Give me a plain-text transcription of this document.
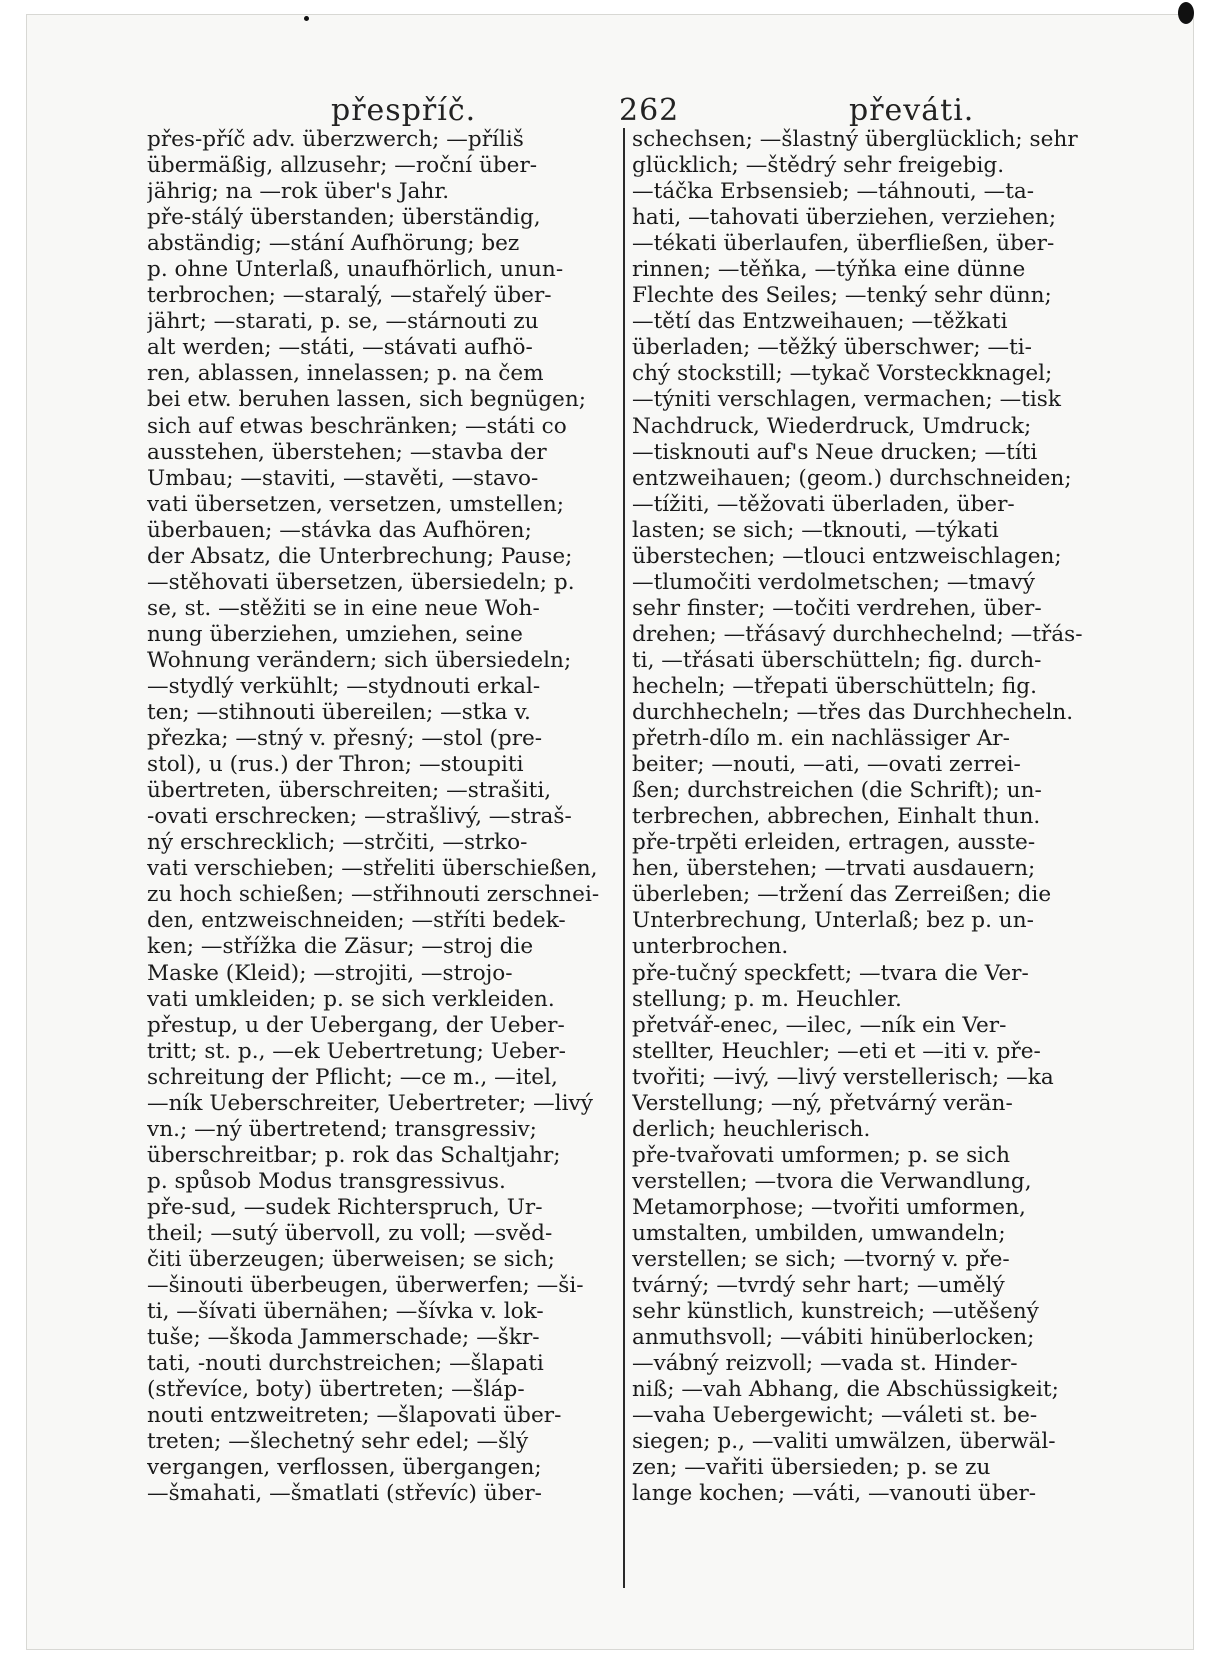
přespříč.	262	převáti.
přes-příč adv. überzwerch; —příliš
übermäßig, allzusehr; —roční über-
jährig; na —rok über's Jahr.
pře-stálý überstanden; überständig,
abständig; —stání Aufhörung; bez
p. ohne Unterlaß, unaufhörlich, unun-
terbrochen; —staralý, —stařelý über-
jährt; —starati, p. se, —stárnouti zu
alt werden; —státi, —stávati aufhö-
ren, ablassen, innelassen; p. na čem
bei etw. beruhen lassen, sich begnügen;
sich auf etwas beschränken; —státi co
ausstehen, überstehen; —stavba der
Umbau; —staviti, —stavěti, —stavo-
vati übersetzen, versetzen, umstellen;
überbauen; —stávka das Aufhören;
der Absatz, die Unterbrechung; Pause;
—stěhovati übersetzen, übersiedeln; p.
se, st. —stěžiti se in eine neue Woh-
nung überziehen, umziehen, seine
Wohnung verändern; sich übersiedeln;
—stydlý verkühlt; —stydnouti erkal-
ten; —stihnouti übereilen; —stka v.
přezka; —stný v. přesný; —stol (pre-
stol), u (rus.) der Thron; —stoupiti
übertreten, überschreiten; —strašiti,
-ovati erschrecken; —strašlivý, —straš-
ný erschrecklich; —strčiti, —strko-
vati verschieben; —střeliti überschießen,
zu hoch schießen; —střihnouti zerschnei-
den, entzweischneiden; —stříti bedek-
ken; —střížka die Zäsur; —stroj die
Maske (Kleid); —strojiti, —strojo-
vati umkleiden; p. se sich verkleiden.
přestup, u der Uebergang, der Ueber-
tritt; st. p., —ek Uebertretung; Ueber-
schreitung der Pflicht; —ce m., —itel,
—ník Ueberschreiter, Uebertreter; —livý
vn.; —ný übertretend; transgressiv;
überschreitbar; p. rok das Schaltjahr;
p. spůsob Modus transgressivus.
pře-sud, —sudek Richterspruch, Ur-
theil; —sutý übervoll, zu voll; —svěd-
čiti überzeugen; überweisen; se sich;
—šinouti überbeugen, überwerfen; —ši-
ti, —šívati übernähen; —šívka v. lok-
tuše; —škoda Jammerschade; —škr-
tati, -nouti durchstreichen; —šlapati
(střevíce, boty) übertreten; —šláp-
nouti entzweitreten; —šlapovati über-
treten; —šlechetný sehr edel; —šlý
vergangen, verflossen, übergangen;
—šmahati, —šmatlati (střevíc) über-
schechsen; —šlastný überglücklich; sehr
glücklich; —štědrý sehr freigebig.
—táčka Erbsensieb; —táhnouti, —ta-
hati, —tahovati überziehen, verziehen;
—tékati überlaufen, überfließen, über-
rinnen; —těňka, —týňka eine dünne
Flechte des Seiles; —tenký sehr dünn;
—tětí das Entzweihauen; —těžkati
überladen; —těžký überschwer; —ti-
chý stockstill; —tykač Vorsteckknagel;
—týniti verschlagen, vermachen; —tisk
Nachdruck, Wiederdruck, Umdruck;
—tisknouti auf's Neue drucken; —títi
entzweihauen; (geom.) durchschneiden;
—tížiti, —těžovati überladen, über-
lasten; se sich; —tknouti, —týkati
überstechen; —tlouci entzweischlagen;
—tlumočiti verdolmetschen; —tmavý
sehr finster; —točiti verdrehen, über-
drehen; —třásavý durchhechelnd; —třás-
ti, —třásati überschütteln; fig. durch-
hecheln; —třepati überschütteln; fig.
durchhecheln; —třes das Durchhecheln.
přetrh-dílo m. ein nachlässiger Ar-
beiter; —nouti, —ati, —ovati zerrei-
ßen; durchstreichen (die Schrift); un-
terbrechen, abbrechen, Einhalt thun.
pře-trpěti erleiden, ertragen, ausste-
hen, überstehen; —trvati ausdauern;
überleben; —tržení das Zerreißen; die
Unterbrechung, Unterlaß; bez p. un-
unterbrochen.
pře-tučný speckfett; —tvara die Ver-
stellung; p. m. Heuchler.
přetvář-enec, —ilec, —ník ein Ver-
stellter, Heuchler; —eti et —iti v. pře-
tvořiti; —ivý, —livý verstellerisch; —ka
Verstellung; —ný, přetvárný verän-
derlich; heuchlerisch.
pře-tvařovati umformen; p. se sich
verstellen; —tvora die Verwandlung,
Metamorphose; —tvořiti umformen,
umstalten, umbilden, umwandeln;
verstellen; se sich; —tvorný v. pře-
tvárný; —tvrdý sehr hart; —umělý
sehr künstlich, kunstreich; —utěšený
anmuthsvoll; —vábiti hinüberlocken;
—vábný reizvoll; —vada st. Hinder-
niß; —vah Abhang, die Abschüssigkeit;
—vaha Uebergewicht; —váleti st. be-
siegen; p., —valiti umwälzen, überwäl-
zen; —vařiti übersieden; p. se zu
lange kochen; —váti, —vanouti über-
